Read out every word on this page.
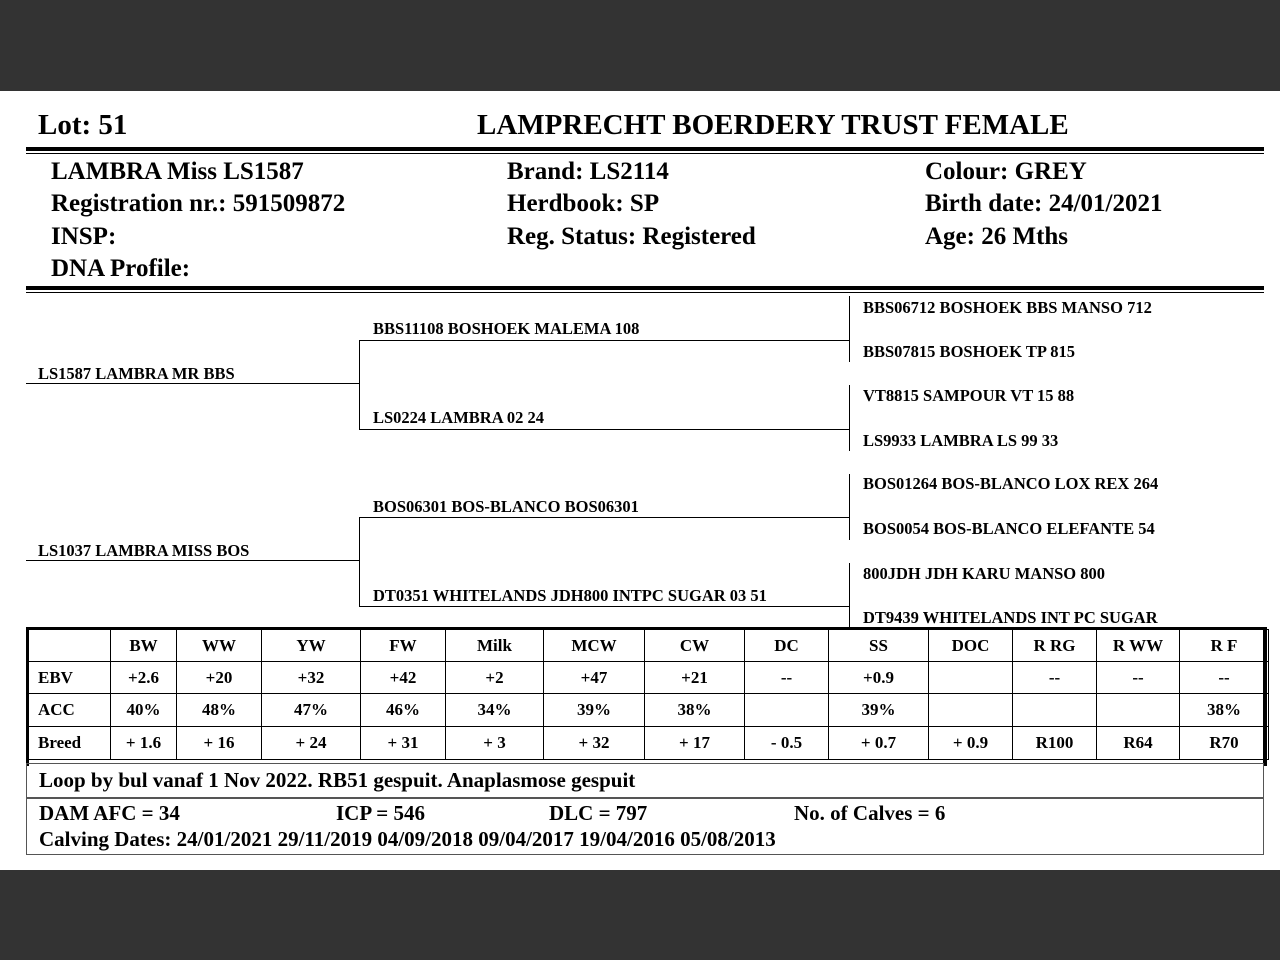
Lot: 51	LAMPRECHT BOERDERY TRUST FEMALE
LAMBRA Miss LS1587
Registration nr.: 591509872
INSP:
DNA Profile:
Brand: LS2114
Herdbook: SP
Reg. Status: Registered
Colour: GREY
Birth date: 24/01/2021
Age: 26 Mths
LS1587 LAMBRA MR BBS
LS1037 LAMBRA MISS BOS
BBS11108 BOSHOEK MALEMA 108
LS0224 LAMBRA 02 24
BOS06301 BOS-BLANCO BOS06301
DT0351 WHITELANDS JDH800 INTPC SUGAR 03 51
BBS06712 BOSHOEK BBS MANSO 712
BBS07815 BOSHOEK TP 815
VT8815 SAMPOUR VT 15 88
LS9933 LAMBRA LS 99 33
BOS01264 BOS-BLANCO LOX REX 264
BOS0054 BOS-BLANCO ELEFANTE 54
800JDH JDH KARU MANSO 800
DT9439 WHITELANDS INT PC SUGAR
	BW	WW	YW	FW	Milk	MCW	CW	DC	SS	DOC	R RG	R WW	R F
EBV	+2.6	+20	+32	+42	+2	+47	+21	--	+0.9		--	--	--
ACC	40%	48%	47%	46%	34%	39%	38%		39%				38%
Breed	+ 1.6	+ 16	+ 24	+ 31	+ 3	+ 32	+ 17	- 0.5	+ 0.7	+ 0.9	R100	R64	R70
Loop by bul vanaf 1 Nov 2022. RB51 gespuit. Anaplasmose gespuit
DAM AFC = 34	ICP = 546	DLC = 797	No. of Calves = 6
Calving Dates: 24/01/2021 29/11/2019 04/09/2018 09/04/2017 19/04/2016 05/08/2013
